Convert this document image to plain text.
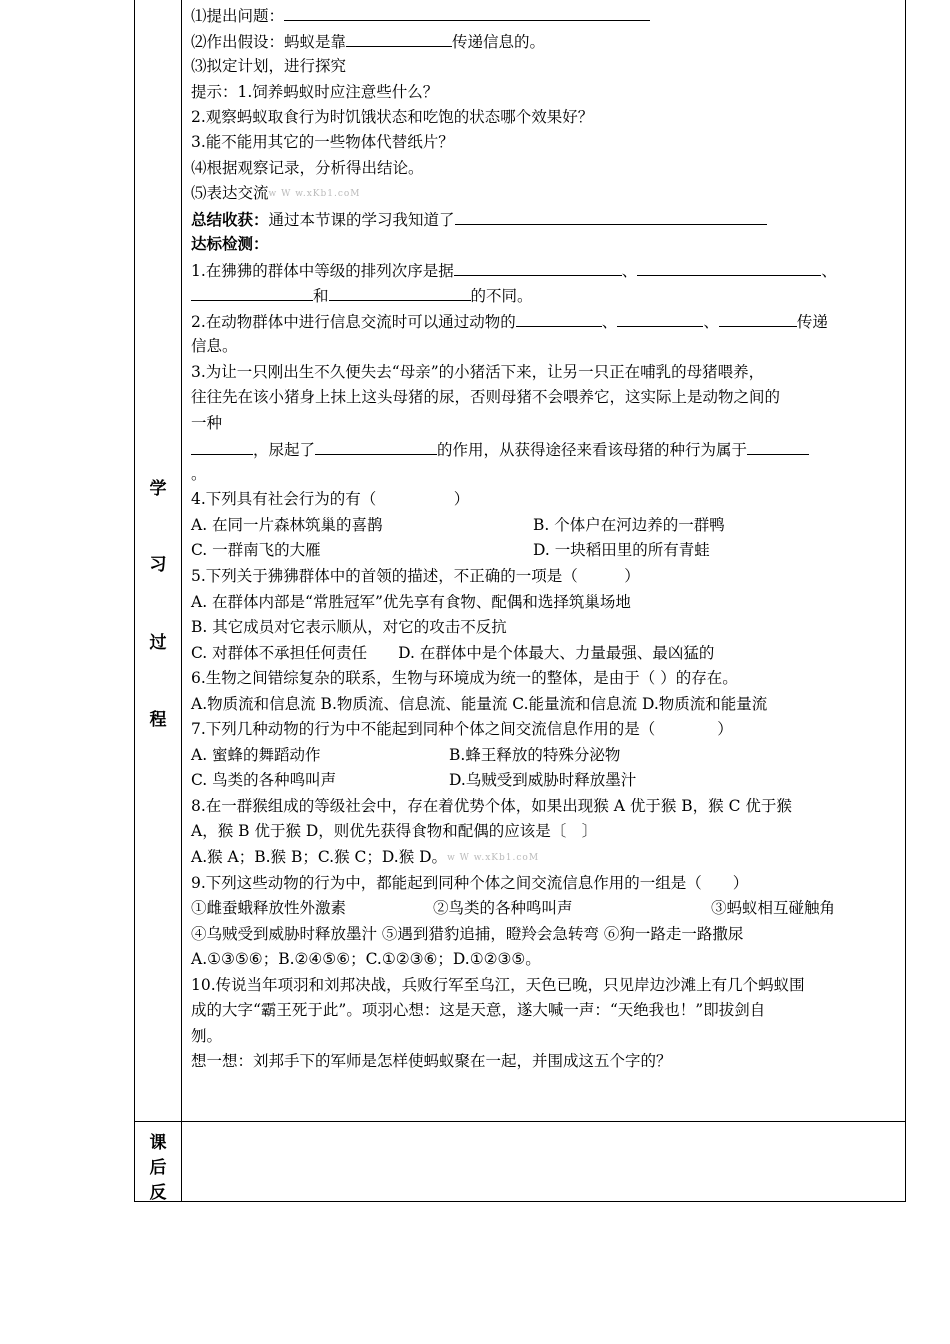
学
习
过
程
课
后
反
⑴提出问题：
⑵作出假设：蚂蚁是靠	传递信息的。
⑶拟定计划，进行探究
提示：1.饲养蚂蚁时应注意些什么？
2.观察蚂蚁取食行为时饥饿状态和吃饱的状态哪个效果好？
3.能不能用其它的一些物体代替纸片？
⑷根据观察记录，分析得出结论。
⑸表达交流w W w.xKb1.coM
总结收获：通过本节课的学习我知道了
达标检测：
1.在狒狒的群体中等级的排列次序是据	、	、
和	的不同。
2.在动物群体中进行信息交流时可以通过动物的	、	、	传递
信息。
3.为让一只刚出生不久便失去“母亲”的小猪活下来，让另一只正在哺乳的母猪喂养，
往往先在该小猪身上抹上这头母猪的尿，否则母猪不会喂养它，这实际上是动物之间的
一种
，尿起了	的作用，从获得途径来看该母猪的种行为属于
。
4.下列具有社会行为的有（　　　　　）
A. 在同一片森林筑巢的喜鹊	B. 个体户在河边养的一群鸭
C. 一群南飞的大雁	D. 一块稻田里的所有青蛙
5.下列关于狒狒群体中的首领的描述，不正确的一项是（　　　）
A. 在群体内部是“常胜冠军”优先享有食物、配偶和选择筑巢场地
B. 其它成员对它表示顺从，对它的攻击不反抗
C. 对群体不承担任何责任　　D. 在群体中是个体最大、力量最强、最凶猛的
6.生物之间错综复杂的联系，生物与环境成为统一的整体，是由于（ ）的存在。
A.物质流和信息流 B.物质流、信息流、能量流 C.能量流和信息流 D.物质流和能量流
7.下列几种动物的行为中不能起到同种个体之间交流信息作用的是（　　　　）
A. 蜜蜂的舞蹈动作	B.蜂王释放的特殊分泌物
C. 鸟类的各种鸣叫声	D.乌贼受到威胁时释放墨汁
8.在一群猴组成的等级社会中，存在着优势个体，如果出现猴 A 优于猴 B，猴 C 优于猴
A，猴 B 优于猴 D，则优先获得食物和配偶的应该是〔　〕
A.猴 A；B.猴 B；C.猴 C；D.猴 D。w W w.xKb1.coM
9.下列这些动物的行为中，都能起到同种个体之间交流信息作用的一组是（　　）
①雌蚕蛾释放性外激素	②鸟类的各种鸣叫声	③蚂蚁相互碰触角
④乌贼受到威胁时释放墨汁 ⑤遇到猎豹追捕，瞪羚会急转弯 ⑥狗一路走一路撒尿
A.①③⑤⑥；B.②④⑤⑥；C.①②③⑥；D.①②③⑤。
10.传说当年项羽和刘邦决战，兵败行军至乌江，天色已晚，只见岸边沙滩上有几个蚂蚁围
成的大字“霸王死于此”。项羽心想：这是天意，遂大喊一声：“天绝我也！”即拔剑自
刎。
想一想：刘邦手下的军师是怎样使蚂蚁聚在一起，并围成这五个字的？
